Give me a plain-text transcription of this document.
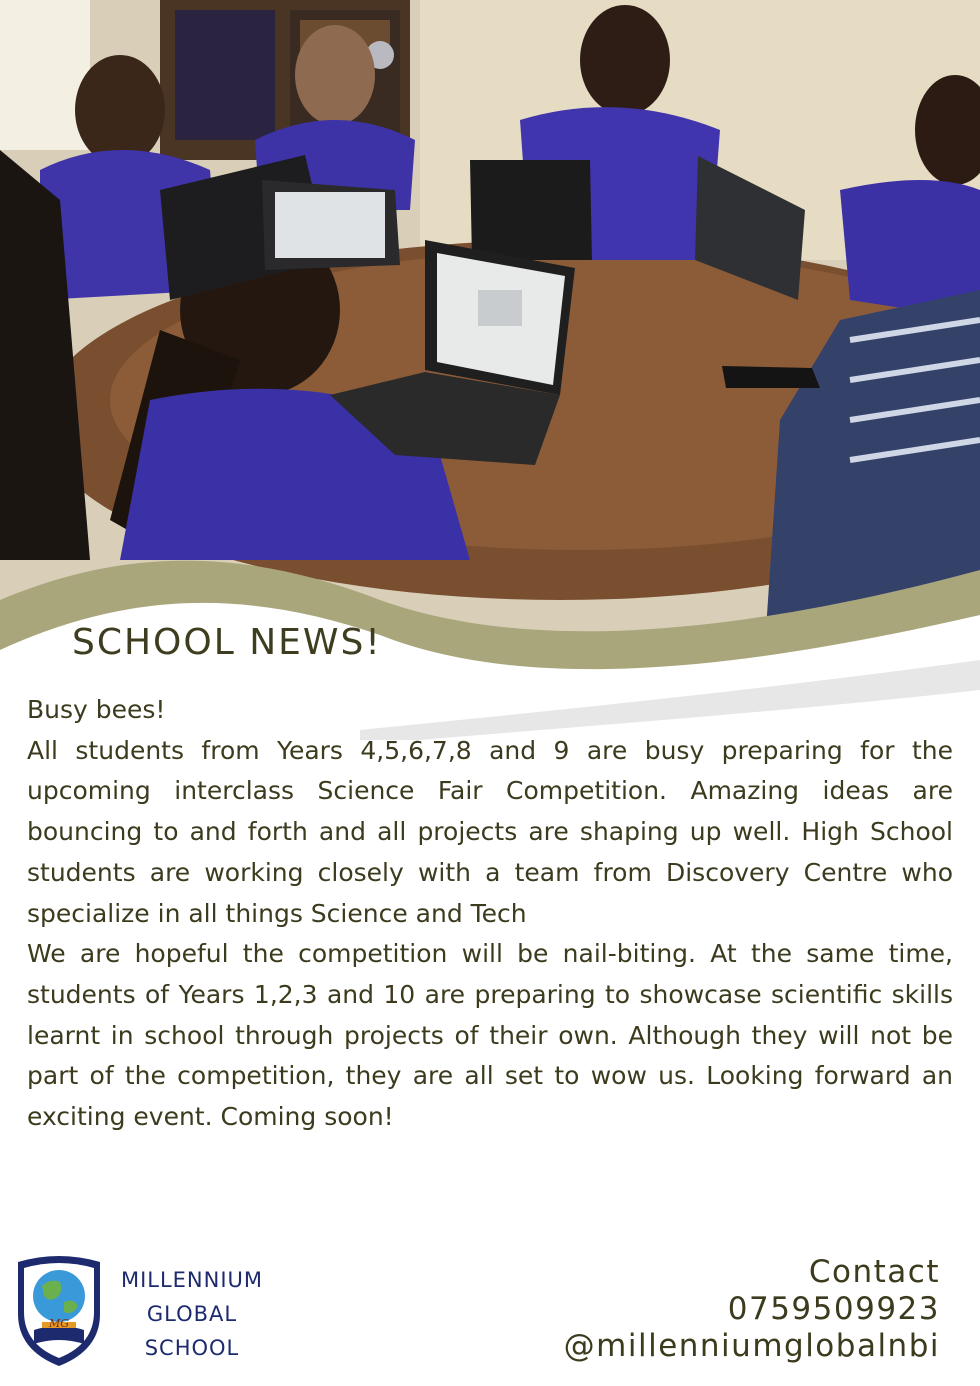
SCHOOL NEWS!

Busy bees!

All students from Years 4,5,6,7,8 and 9 are busy preparing for the upcoming interclass Science Fair Competition. Amazing ideas are bouncing to and forth and all projects are shaping up well. High School students are working closely with a team from Discovery Centre who specialize in all things Science and Tech

We are hopeful the competition will be nail-biting. At the same time, students of Years 1,2,3 and 10 are preparing to showcase scientific skills learnt in school through projects of their own. Although they will not be part of the competition, they are all set to wow us. Looking forward an exciting event. Coming soon!

MG
MILLENNIUM
GLOBAL
SCHOOL
Contact
0759509923
@millenniumglobalnbi
